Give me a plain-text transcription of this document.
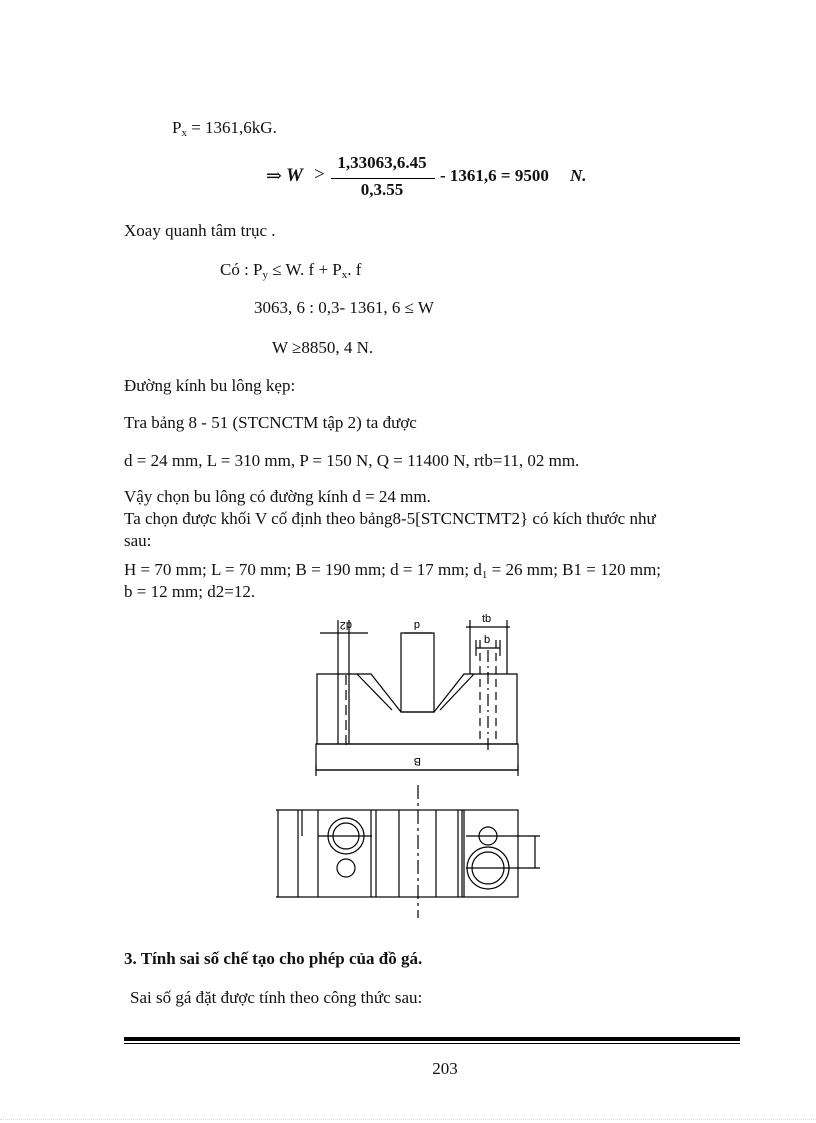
$P_x = 1361,6kG$.
⇒ W >
1,33063,6.45
0,3.55
- 1361,6 = 9500 N.
Xoay quanh tâm trục .
Có : $P_y \le W$. $f + P_x$. f
3063, 6 : 0,3- 1361, 6 ≤ W
W ≥8850, 4 N.
Đường kính bu lông kẹp:
Tra bảng 8 - 51 (STCNCTM tập 2) ta được
d = 24 mm, L = 310 mm, P = 150 N, Q = 11400 N, rtb=11, 02 mm.
Vậy chọn bu lông có đường kính d = 24 mm.
Ta chọn được khối V cố định theo bảng8-5[STCNCTMT2} có kích thước như
sau:
H = 70 mm; L = 70 mm; B = 190 mm; d = 17 mm; $d_1 = 26$ mm; B1 = 120 mm;
b = 12 mm; d2=12.
d2	d	tb
b
B
3. Tính sai số chế tạo cho phép của đồ gá.
Sai số gá đặt được tính theo công thức sau:
203
